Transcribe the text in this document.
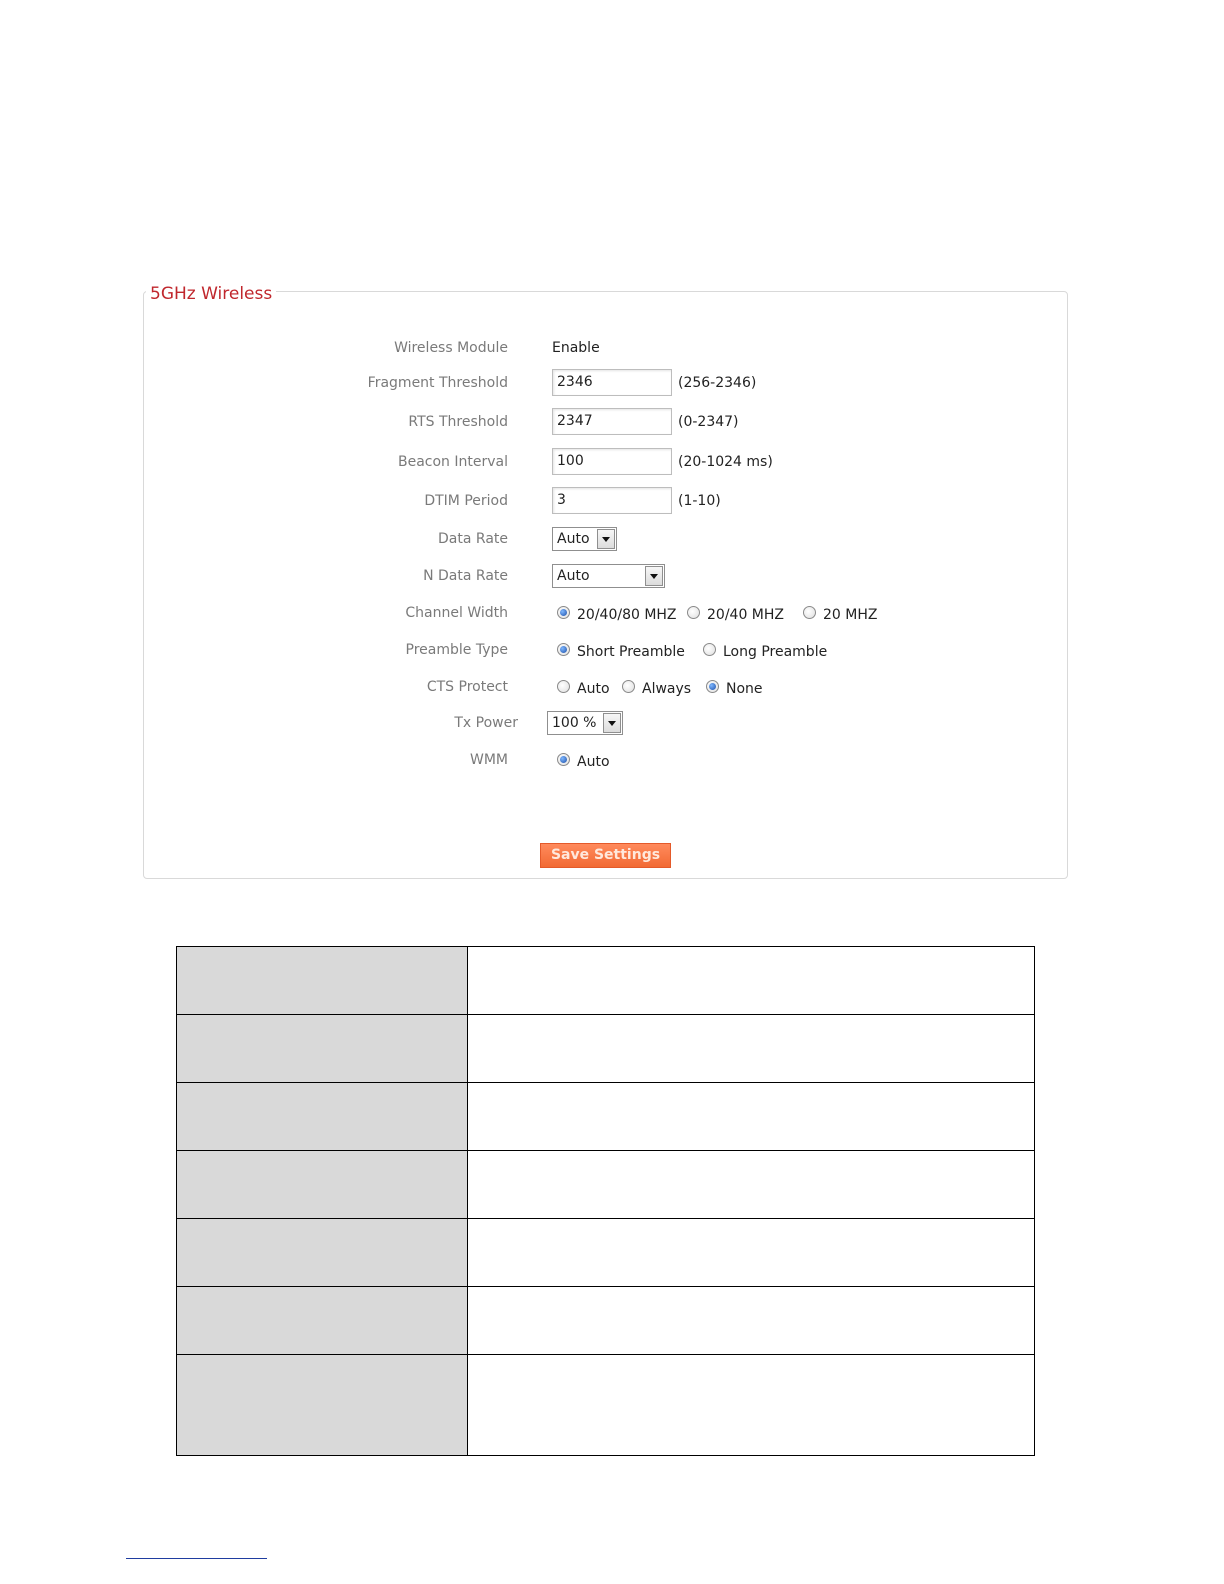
5GHz Wireless
Wireless Module	Enable
Fragment Threshold	2346	(256-2346)
RTS Threshold	2347	(0-2347)
Beacon Interval	100	(20-1024 ms)
DTIM Period	3	(1-10)
Data Rate	Auto
N Data Rate	Auto
Channel Width	20/40/80 MHZ 20/40 MHZ	20 MHZ
Preamble Type	Short Preamble	Long Preamble
CTS Protect	Auto Always None
Tx Power	100 %
WMM	Auto
Save Settings
